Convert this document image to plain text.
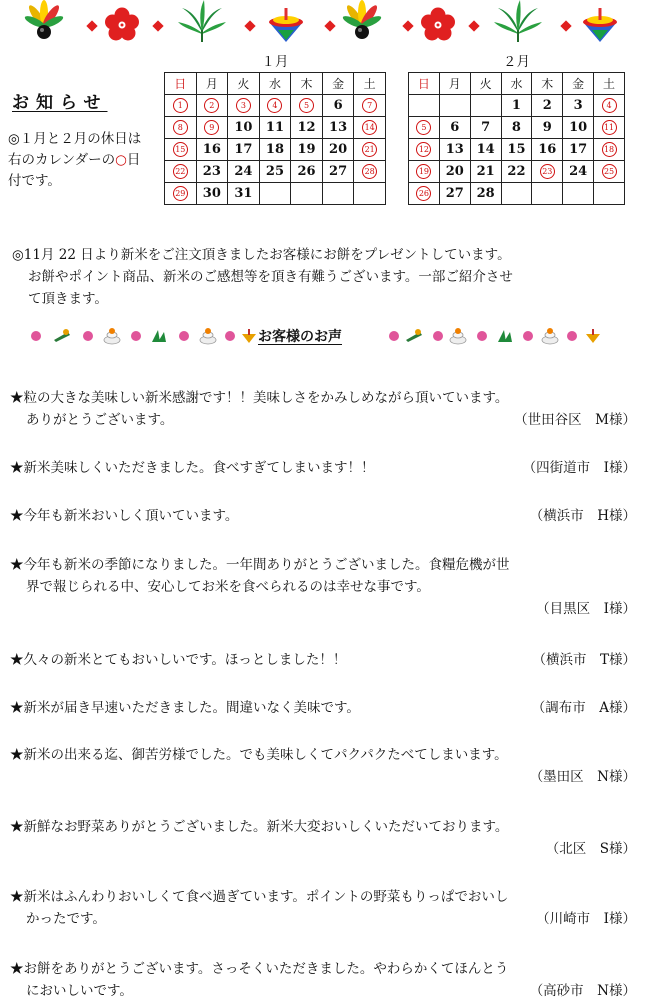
お知らせ
◎１月と２月の休日は右のカレンダーの○日付です。
１月
日	月	火	水	木	金	土
1	2	3	4	5	6	7
8	9	10	11	12	13	14
15	16	17	18	19	20	21
22	23	24	25	26	27	28
29	30	31				
２月
日	月	火	水	木	金	土
			1	2	3	4
5	6	7	8	9	10	11
12	13	14	15	16	17	18
19	20	21	22	23	24	25
26	27	28				
◎11月 22 日より新米をご注文頂きましたお客様にお餅をプレゼントしています。
お餅やポイント商品、新米のご感想等を頂き有難うございます。一部ご紹介させ
て頂きます。
お客様のお声
★粒の大きな美味しい新米感謝です！！美味しさをかみしめながら頂いています。
ありがとうございます。	（世田谷区　M様）
★新米美味しくいただきました。食べすぎてしまいます！！	（四街道市　I様）
★今年も新米おいしく頂いています。	（横浜市　H様）
★今年も新米の季節になりました。一年間ありがとうございました。食糧危機が世
界で報じられる中、安心してお米を食べられるのは幸せな事です。
（目黒区　I様）
★久々の新米とてもおいしいです。ほっとしました！！	（横浜市　T様）
★新米が届き早速いただきました。間違いなく美味です。	（調布市　A様）
★新米の出来る迄、御苦労様でした。でも美味しくてパクパクたべてしまいます。
（墨田区　N様）
★新鮮なお野菜ありがとうございました。新米大変おいしくいただいております。
（北区　S様）
★新米はふんわりおいしくて食べ過ぎています。ポイントの野菜もりっぱでおいし
かったです。	（川崎市　I様）
★お餅をありがとうございます。さっそくいただきました。やわらかくてほんとう
においしいです。	（高砂市　N様）
